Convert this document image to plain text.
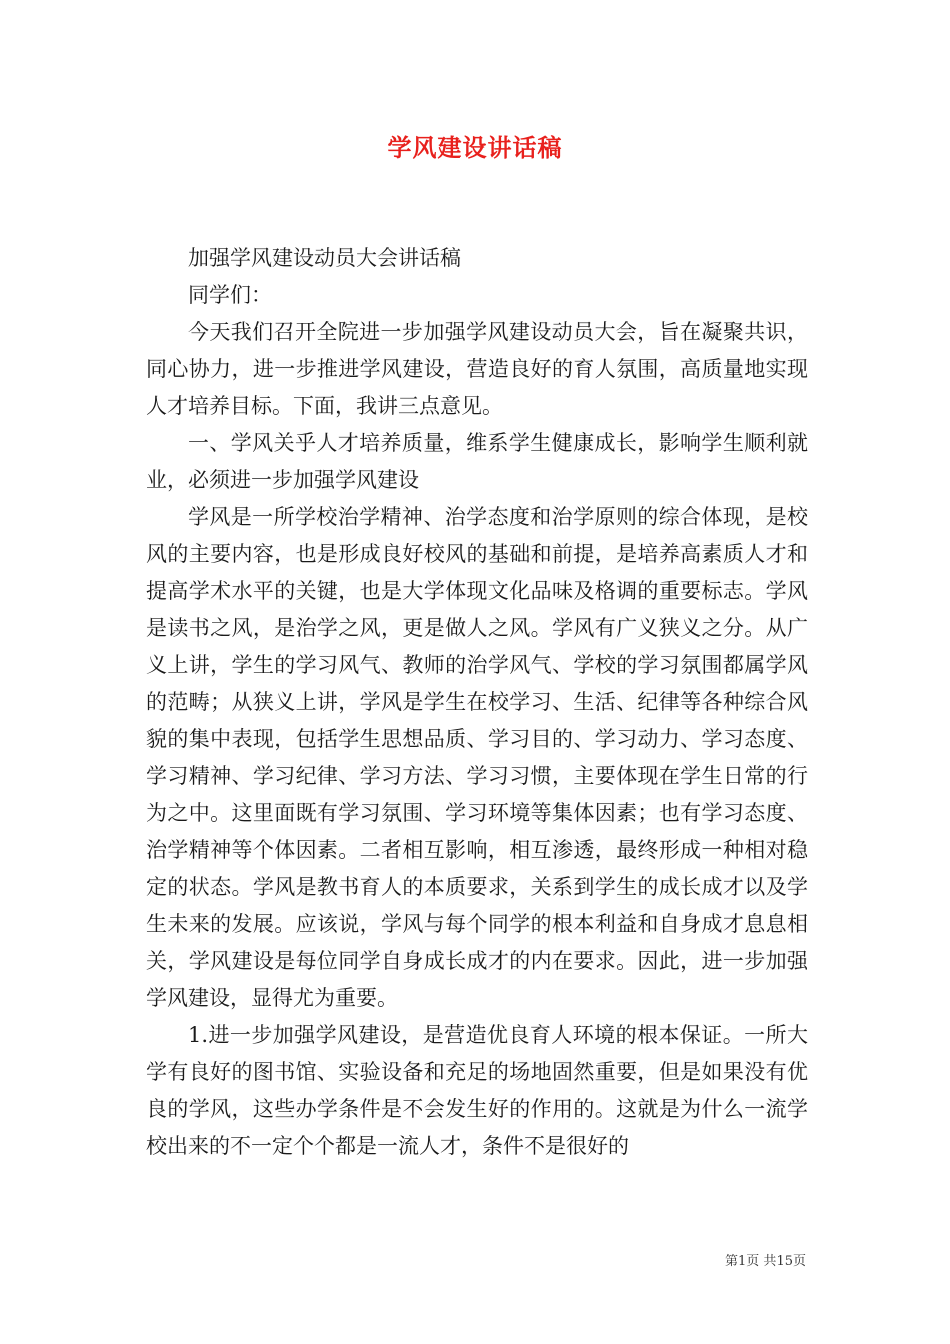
学风建设讲话稿

加强学风建设动员大会讲话稿

同学们：

今天我们召开全院进一步加强学风建设动员大会，旨在凝聚共识，同心协力，进一步推进学风建设，营造良好的育人氛围，高质量地实现人才培养目标。下面，我讲三点意见。

一、学风关乎人才培养质量，维系学生健康成长，影响学生顺利就业，必须进一步加强学风建设

学风是一所学校治学精神、治学态度和治学原则的综合体现，是校风的主要内容，也是形成良好校风的基础和前提，是培养高素质人才和提高学术水平的关键，也是大学体现文化品味及格调的重要标志。学风是读书之风，是治学之风，更是做人之风。学风有广义狭义之分。从广义上讲，学生的学习风气、教师的治学风气、学校的学习氛围都属学风的范畴；从狭义上讲，学风是学生在校学习、生活、纪律等各种综合风貌的集中表现，包括学生思想品质、学习目的、学习动力、学习态度、学习精神、学习纪律、学习方法、学习习惯，主要体现在学生日常的行为之中。这里面既有学习氛围、学习环境等集体因素；也有学习态度、治学精神等个体因素。二者相互影响，相互渗透，最终形成一种相对稳定的状态。学风是教书育人的本质要求，关系到学生的成长成才以及学生未来的发展。应该说，学风与每个同学的根本利益和自身成才息息相关，学风建设是每位同学自身成长成才的内在要求。因此，进一步加强学风建设，显得尤为重要。

1.进一步加强学风建设，是营造优良育人环境的根本保证。一所大学有良好的图书馆、实验设备和充足的场地固然重要，但是如果没有优良的学风，这些办学条件是不会发生好的作用的。这就是为什么一流学校出来的不一定个个都是一流人才，条件不是很好的

第1页 共15页
